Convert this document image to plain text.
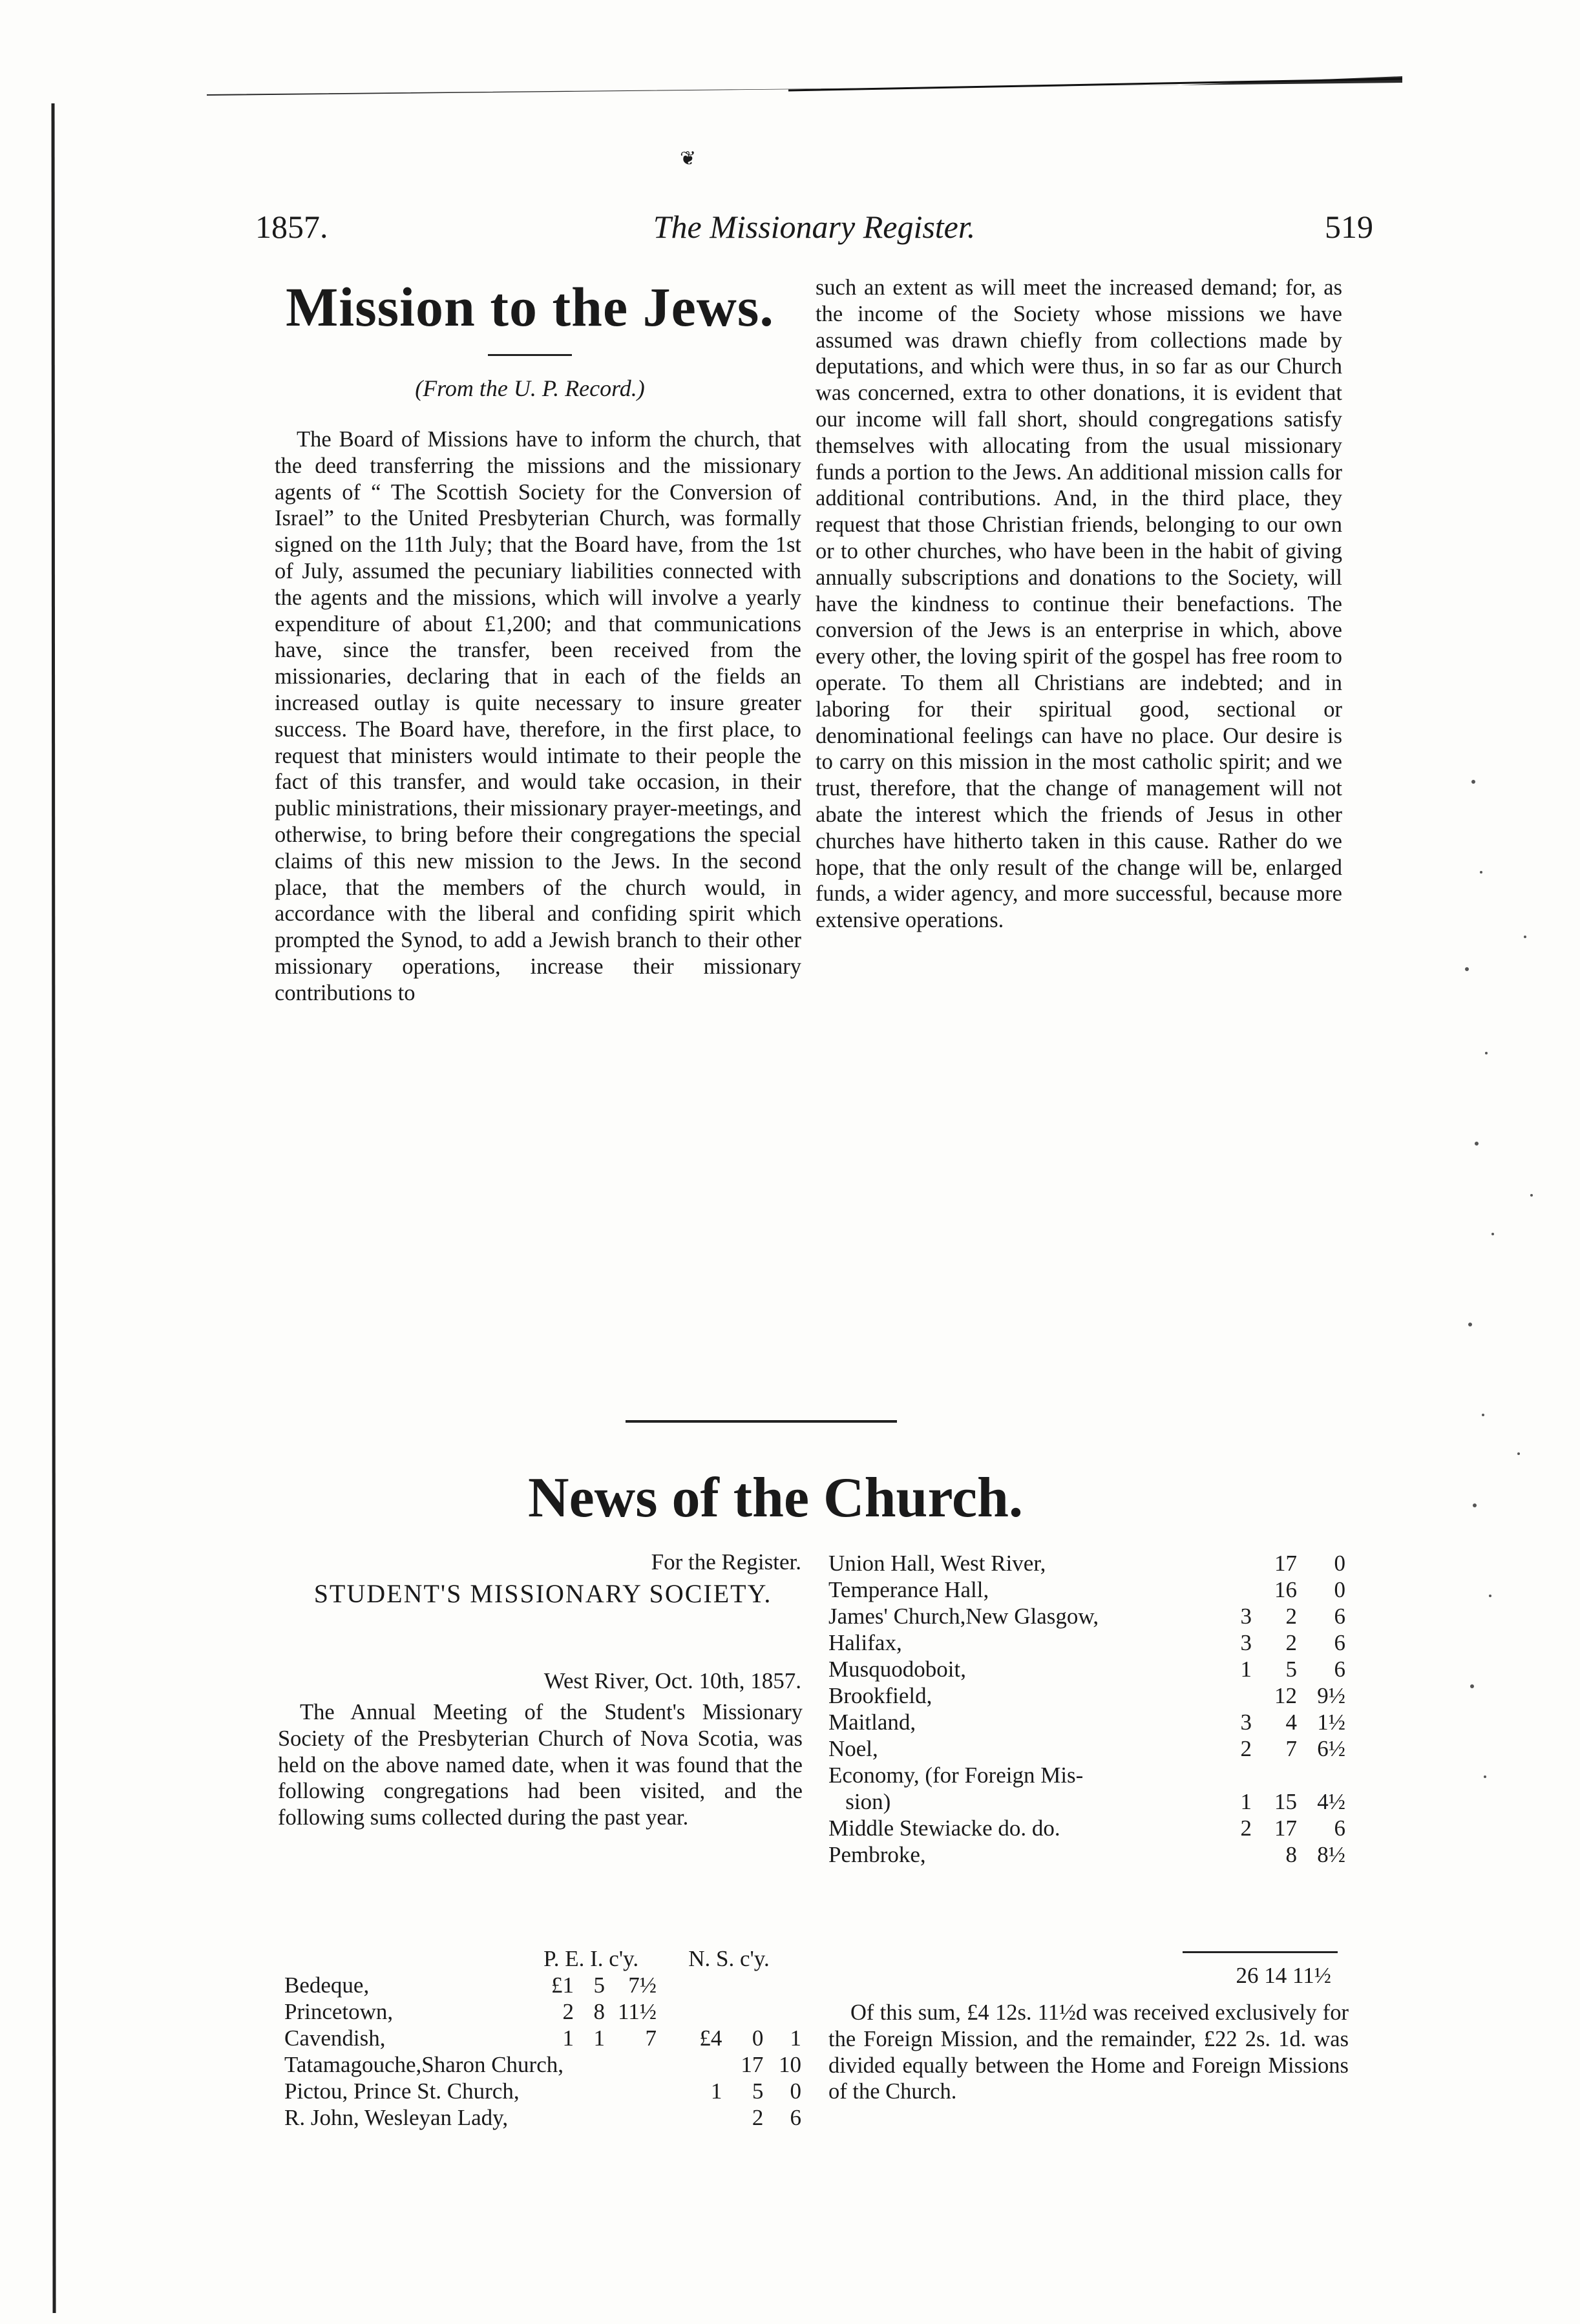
❦
1857.	The Missionary Register.	519
Mission to the Jews.
(From the U. P. Record.)

The Board of Missions have to inform the church, that the deed transferring the missions and the missionary agents of “ The Scottish Society for the Conversion of Israel” to the United Presbyterian Church, was formally signed on the 11th July; that the Board have, from the 1st of July, assumed the pecuniary liabilities connected with the agents and the missions, which will involve a yearly expenditure of about £1,200; and that communications have, since the transfer, been received from the missionaries, declaring that in each of the fields an increased outlay is quite necessary to insure greater success. The Board have, therefore, in the first place, to request that ministers would intimate to their people the fact of this transfer, and would take occasion, in their public ministrations, their missionary prayer-meetings, and otherwise, to bring before their congregations the special claims of this new mission to the Jews. In the second place, that the members of the church would, in accordance with the liberal and confiding spirit which prompted the Synod, to add a Jewish branch to their other missionary operations, increase their missionary contributions to

such an extent as will meet the increased demand; for, as the income of the Society whose missions we have assumed was drawn chiefly from collections made by deputations, and which were thus, in so far as our Church was concerned, extra to other donations, it is evident that our income will fall short, should congregations satisfy themselves with allocating from the usual missionary funds a portion to the Jews. An additional mission calls for additional contributions. And, in the third place, they request that those Christian friends, belonging to our own or to other churches, who have been in the habit of giving annually subscriptions and donations to the Society, will have the kindness to continue their benefactions. The conversion of the Jews is an enterprise in which, above every other, the loving spirit of the gospel has free room to operate. To them all Christians are indebted; and in laboring for their spiritual good, sectional or denominational feelings can have no place. Our desire is to carry on this mission in the most catholic spirit; and we trust, therefore, that the change of management will not abate the interest which the friends of Jesus in other churches have hitherto taken in this cause. Rather do we hope, that the only result of the change will be, enlarged funds, a wider agency, and more successful, because more extensive operations.

News of the Church.
For the Register.
STUDENT'S MISSIONARY SOCIETY.
West River, Oct. 10th, 1857.

The Annual Meeting of the Student's Missionary Society of the Presbyterian Church of Nova Scotia, was held on the above named date, when it was found that the following congregations had been visited, and the following sums collected during the past year.

	P. E. I. c'y.			N. S. c'y.		
Bedeque,	£1	5	7½			
Princetown,	2	8	11½			
Cavendish,	1	1	7	£4	0	1
Tatamagouche,Sharon Church,					17	10
Pictou, Prince St. Church,				1	5	0
R. John, Wesleyan Lady,					2	6
Union Hall, West River,		17	0
Temperance Hall,		16	0
James' Church,New Glasgow,	3	2	6
Halifax,	3	2	6
Musquodoboit,	1	5	6
Brookfield,		12	9½
Maitland,	3	4	1½
Noel,	2	7	6½
Economy, (for Foreign Mis-			
sion)	1	15	4½
Middle Stewiacke do. do.	2	17	6
Pembroke,		8	8½
26 14 11½

Of this sum, £4 12s. 11½d was received exclusively for the Foreign Mission, and the remainder, £22 2s. 1d. was divided equally between the Home and Foreign Missions of the Church.
